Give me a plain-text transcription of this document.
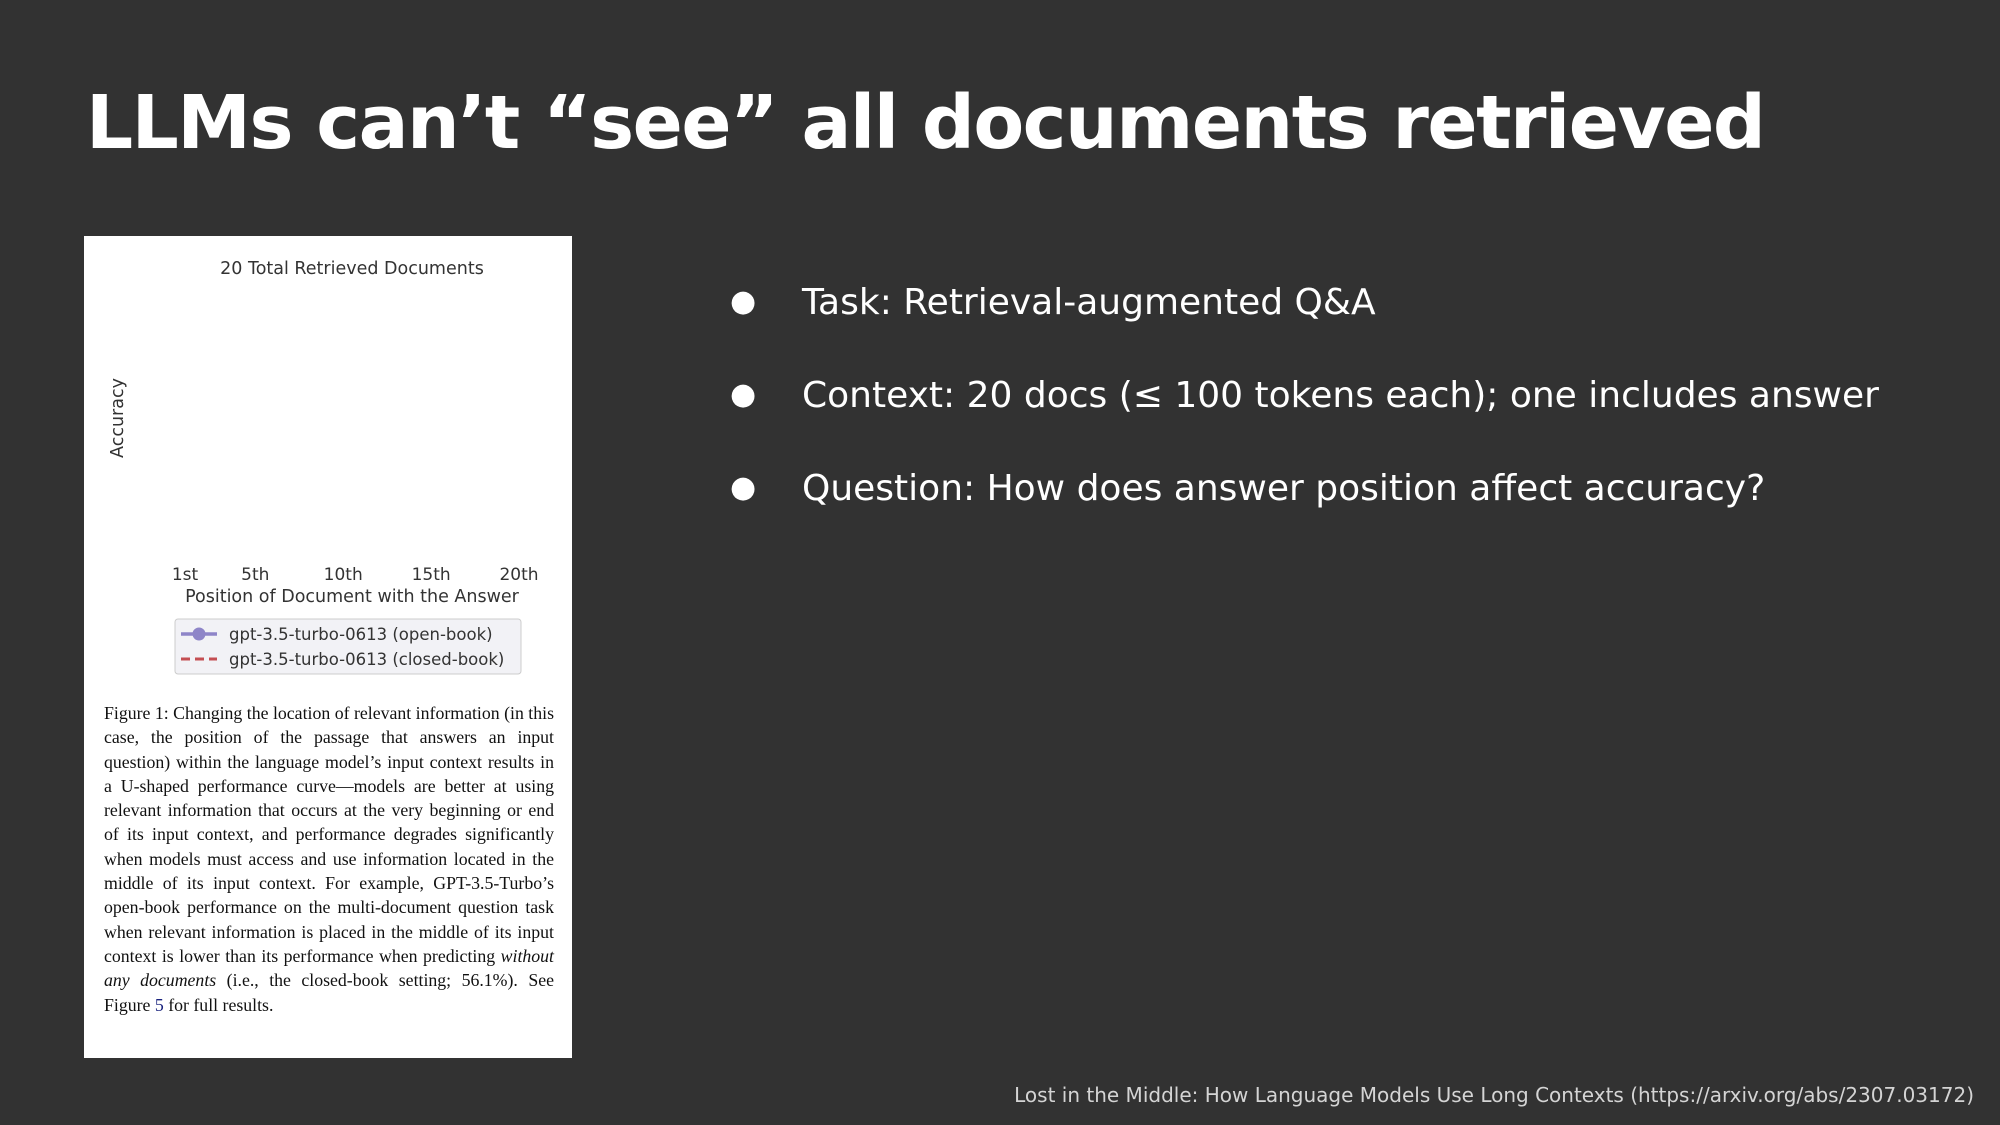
LLMs can’t “see” all documents retrieved
20 Total Retrieved Documents
Accuracy
1st	5th	10th	15th	20th
Position of Document with the Answer
gpt-3.5-turbo-0613 (open-book)
gpt-3.5-turbo-0613 (closed-book)

Figure 1: Changing the location of relevant information (in this case, the position of the passage that answers an input question) within the language model’s input context results in a U-shaped performance curve—models are better at using relevant information that occurs at the very beginning or end of its input context, and performance degrades significantly when models must access and use information located in the middle of its input context. For example, GPT-3.5-Turbo’s open-book performance on the multi-document question task when relevant information is placed in the middle of its input context is lower than its performance when predicting without any documents (i.e., the closed-book setting; 56.1%). See Figure 5 for full results.

● Task: Retrieval-augmented Q&A
● Context: 20 docs (≤ 100 tokens each); one includes answer
● Question: How does answer position affect accuracy?
Lost in the Middle: How Language Models Use Long Contexts (https://arxiv.org/abs/2307.03172)
